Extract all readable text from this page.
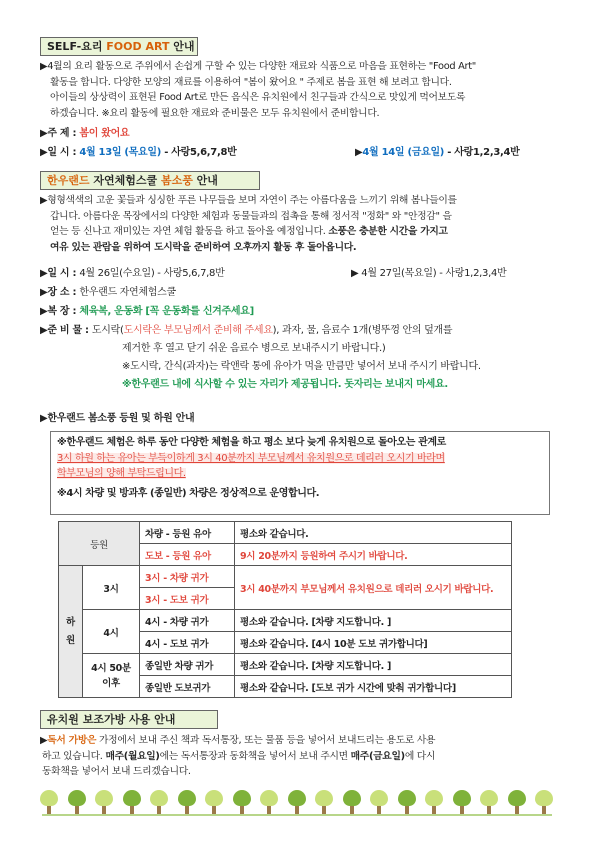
SELF-요리 FOOD ART 안내
▶4월의 요리 활동으로 주위에서 손쉽게 구할 수 있는 다양한 재료와 식품으로 마음을 표현하는 "Food Art"
활동을 합니다. 다양한 모양의 재료를 이용하여 "봄이 왔어요 " 주제로 봄을 표현 해 보려고 합니다.
아이들의 상상력이 표현된 Food Art로 만든 음식은 유치원에서 친구들과 간식으로 맛있게 먹어보도록
하겠습니다. ※요리 활동에 필요한 재료와 준비물은 모두 유치원에서 준비합니다.
▶주 제 : 봄이 왔어요
▶일 시 : 4월 13일 (목요일) - 사랑5,6,7,8반	▶4월 14일 (금요일) - 사랑1,2,3,4반
한우랜드 자연체험스쿨 봄소풍 안내
▶형형색색의 고운 꽃들과 싱싱한 푸른 나무들을 보며 자연이 주는 아름다움을 느끼기 위해 봄나들이를
갑니다. 아름다운 목장에서의 다양한 체험과 동물들과의 접촉을 통해 정서적 "정화" 와 "안정감" 을
얻는 등 신나고 재미있는 자연 체험 활동을 하고 돌아올 예정입니다. 소풍은 충분한 시간을 가지고
여유 있는 관람을 위하여 도시락을 준비하여 오후까지 활동 후 돌아옵니다.
▶일 시 : 4월 26일(수요일) - 사랑5,6,7,8반	▶ 4월 27일(목요일) - 사랑1,2,3,4반
▶장 소 : 한우랜드 자연체험스쿨
▶복 장 : 체육복, 운동화 [꼭 운동화를 신겨주세요]
▶준 비 물 : 도시락(도시락은 부모님께서 준비해 주세요), 과자, 물, 음료수 1개(병뚜껑 안의 덮개를
제거한 후 열고 닫기 쉬운 음료수 병으로 보내주시기 바랍니다.)
※도시락, 간식(과자)는 락앤락 통에 유아가 먹을 만큼만 넣어서 보내 주시기 바랍니다.
※한우랜드 내에 식사할 수 있는 자리가 제공됩니다. 돗자리는 보내지 마세요.
▶한우랜드 봄소풍 등원 및 하원 안내
※한우랜드 체험은 하루 동안 다양한 체험을 하고 평소 보다 늦게 유치원으로 돌아오는 관계로
3시 하원 하는 유아는 부득이하게 3시 40분까지 부모님께서 유치원으로 데리러 오시기 바라며
학부모님의 양해 부탁드립니다.
※4시 차량 및 방과후 (종일반) 차량은 정상적으로 운영합니다.
등원		차량 - 등원 유아	평소와 같습니다.
		도보 - 등원 유아	9시 20분까지 등원하여 주시기 바랍니다.
하
원	3시	3시 - 차량 귀가	3시 40분까지 부모님께서 유치원으로 데리러 오시기 바랍니다.
		3시 - 도보 귀가	
	4시	4시 - 차량 귀가	평소와 같습니다. [차량 지도합니다. ]
		4시 - 도보 귀가	평소와 같습니다. [4시 10분 도보 귀가합니다]

	4시 50분
이후	종일반 차량 귀가	평소와 같습니다. [차량 지도합니다. ]
		종일반 도보귀가	평소와 같습니다. [도보 귀가 시간에 맞춰 귀가합니다]
유치원 보조가방 사용 안내
▶독서 가방은 가정에서 보내 주신 책과 독서통장, 또는 물품 등을 넣어서 보내드리는 용도로 사용
하고 있습니다. 매주(월요일)에는 독서통장과 동화책을 넣어서 보내 주시면 매주(금요일)에 다시
동화책을 넣어서 보내 드리겠습니다.
